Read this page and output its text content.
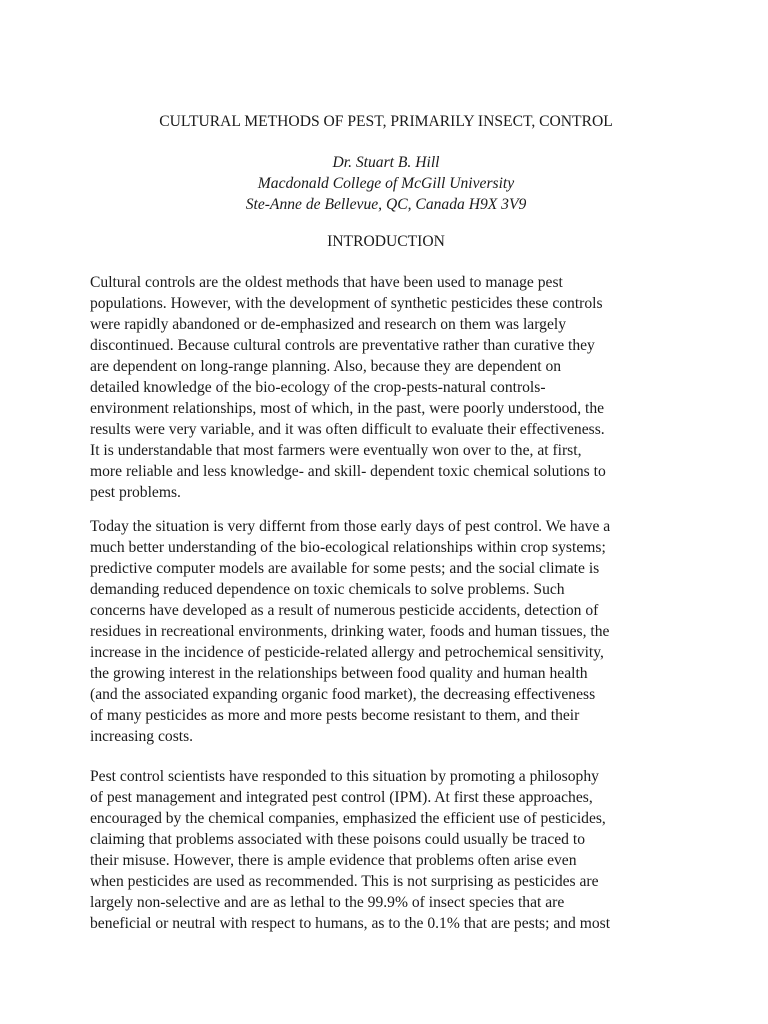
CULTURAL METHODS OF PEST, PRIMARILY INSECT, CONTROL
Dr. Stuart B. Hill
Macdonald College of McGill University
Ste-Anne de Bellevue, QC, Canada H9X 3V9
INTRODUCTION
Cultural controls are the oldest methods that have been used to manage pest
populations. However, with the development of synthetic pesticides these controls
were rapidly abandoned or de-emphasized and research on them was largely
discontinued. Because cultural controls are preventative rather than curative they
are dependent on long-range planning. Also, because they are dependent on
detailed knowledge of the bio-ecology of the crop-pests-natural controls-
environment relationships, most of which, in the past, were poorly understood, the
results were very variable, and it was often difficult to evaluate their effectiveness.
It is understandable that most farmers were eventually won over to the, at first,
more reliable and less knowledge- and skill- dependent toxic chemical solutions to
pest problems.
Today the situation is very differnt from those early days of pest control. We have a
much better understanding of the bio-ecological relationships within crop systems;
predictive computer models are available for some pests; and the social climate is
demanding reduced dependence on toxic chemicals to solve problems. Such
concerns have developed as a result of numerous pesticide accidents, detection of
residues in recreational environments, drinking water, foods and human tissues, the
increase in the incidence of pesticide-related allergy and petrochemical sensitivity,
the growing interest in the relationships between food quality and human health
(and the associated expanding organic food market), the decreasing effectiveness
of many pesticides as more and more pests become resistant to them, and their
increasing costs.
Pest control scientists have responded to this situation by promoting a philosophy
of pest management and integrated pest control (IPM). At first these approaches,
encouraged by the chemical companies, emphasized the efficient use of pesticides,
claiming that problems associated with these poisons could usually be traced to
their misuse. However, there is ample evidence that problems often arise even
when pesticides are used as recommended. This is not surprising as pesticides are
largely non-selective and are as lethal to the 99.9% of insect species that are
beneficial or neutral with respect to humans, as to the 0.1% that are pests; and most
